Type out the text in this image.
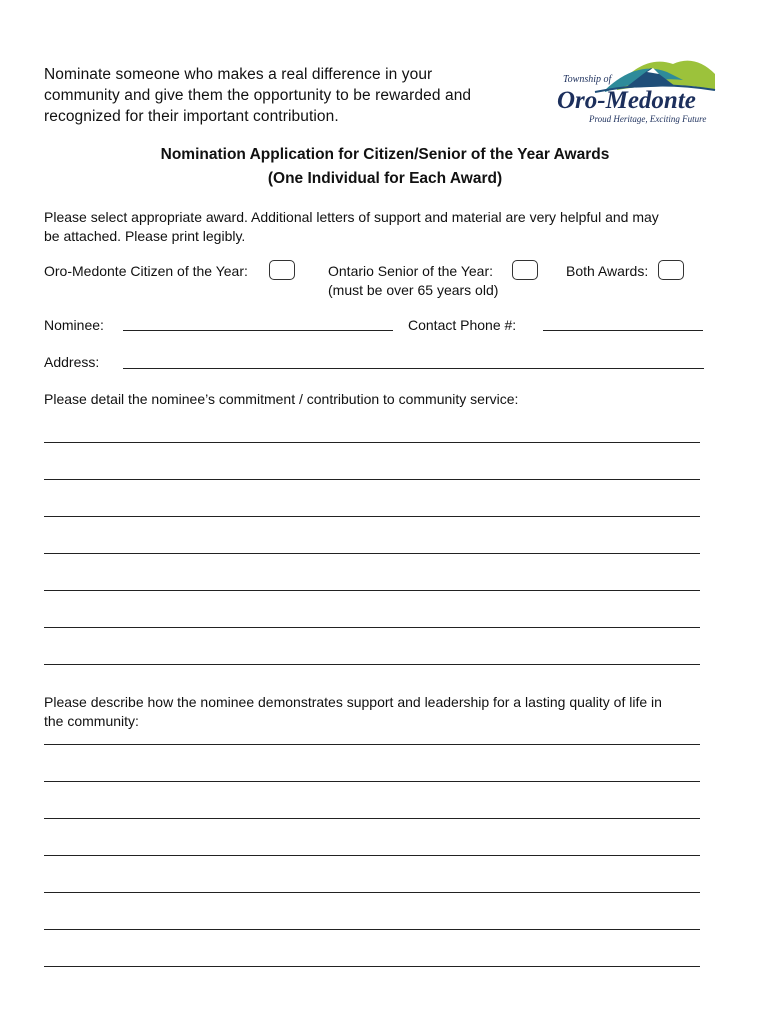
Nominate someone who makes a real difference in your
community and give them the opportunity to be rewarded and
recognized for their important contribution.
Township of
Oro-Medonte
Proud Heritage, Exciting Future
Nomination Application for Citizen/Senior of the Year Awards
(One Individual for Each Award)
Please select appropriate award. Additional letters of support and material are very helpful and may
be attached. Please print legibly.
Oro-Medonte Citizen of the Year:	Ontario Senior of the Year:
(must be over 65 years old)
Both Awards:
Nominee:	Contact Phone #:
Address:
Please detail the nominee’s commitment / contribution to community service:
Please describe how the nominee demonstrates support and leadership for a lasting quality of life in
the community:
